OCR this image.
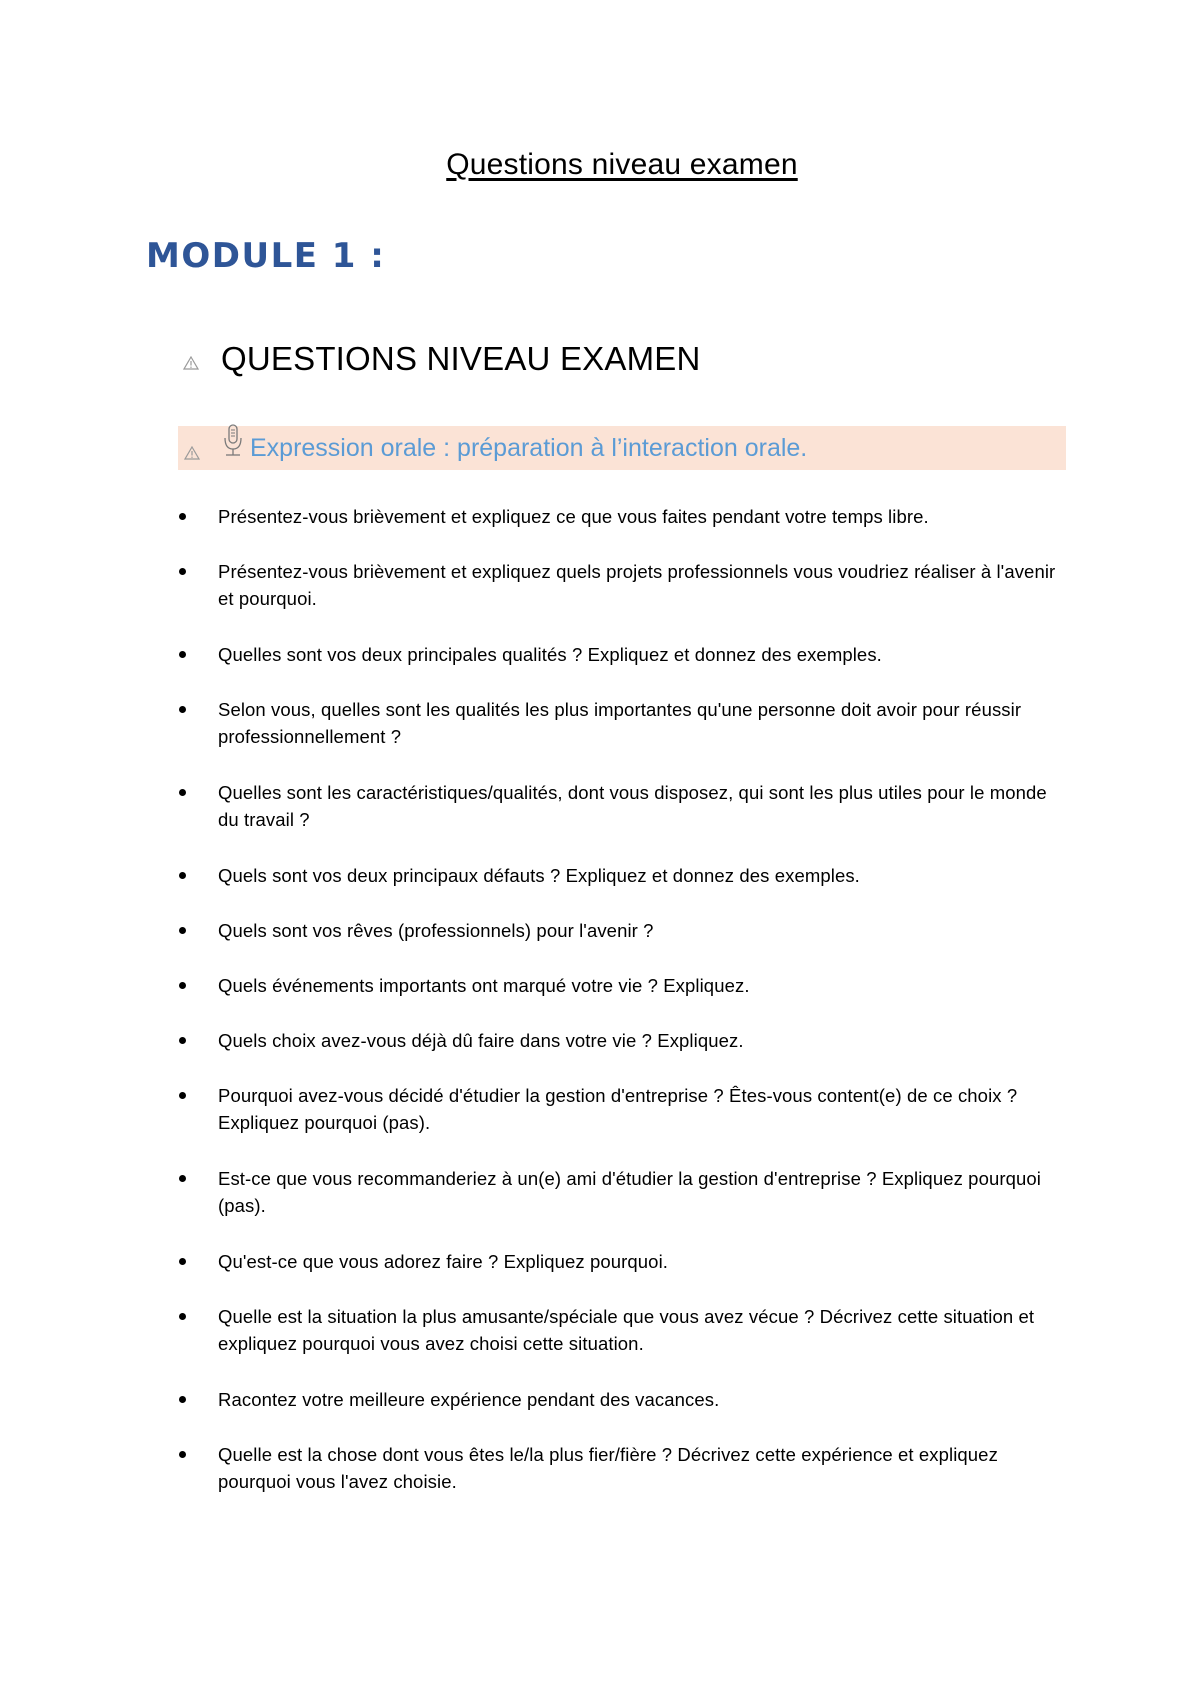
Questions niveau examen
MODULE 1 :
QUESTIONS NIVEAU EXAMEN
Expression orale : préparation à l’interaction orale.
Présentez-vous brièvement et expliquez ce que vous faites pendant votre temps libre.
Présentez-vous brièvement et expliquez quels projets professionnels vous voudriez réaliser à l'avenir et pourquoi.
Quelles sont vos deux principales qualités ? Expliquez et donnez des exemples.
Selon vous, quelles sont les qualités les plus importantes qu'une personne doit avoir pour réussir professionnellement ?
Quelles sont les caractéristiques/qualités, dont vous disposez, qui sont les plus utiles pour le monde du travail ?
Quels sont vos deux principaux défauts ? Expliquez et donnez des exemples.
Quels sont vos rêves (professionnels) pour l'avenir ?
Quels événements importants ont marqué votre vie ? Expliquez.
Quels choix avez-vous déjà dû faire dans votre vie ? Expliquez.
Pourquoi avez-vous décidé d'étudier la gestion d'entreprise ? Êtes-vous content(e) de ce choix ? Expliquez pourquoi (pas).
Est-ce que vous recommanderiez à un(e) ami d'étudier la gestion d'entreprise ? Expliquez pourquoi (pas).
Qu'est-ce que vous adorez faire ? Expliquez pourquoi.
Quelle est la situation la plus amusante/spéciale que vous avez vécue ? Décrivez cette situation et expliquez pourquoi vous avez choisi cette situation.
Racontez votre meilleure expérience pendant des vacances.
Quelle est la chose dont vous êtes le/la plus fier/fière ? Décrivez cette expérience et expliquez pourquoi vous l'avez choisie.
